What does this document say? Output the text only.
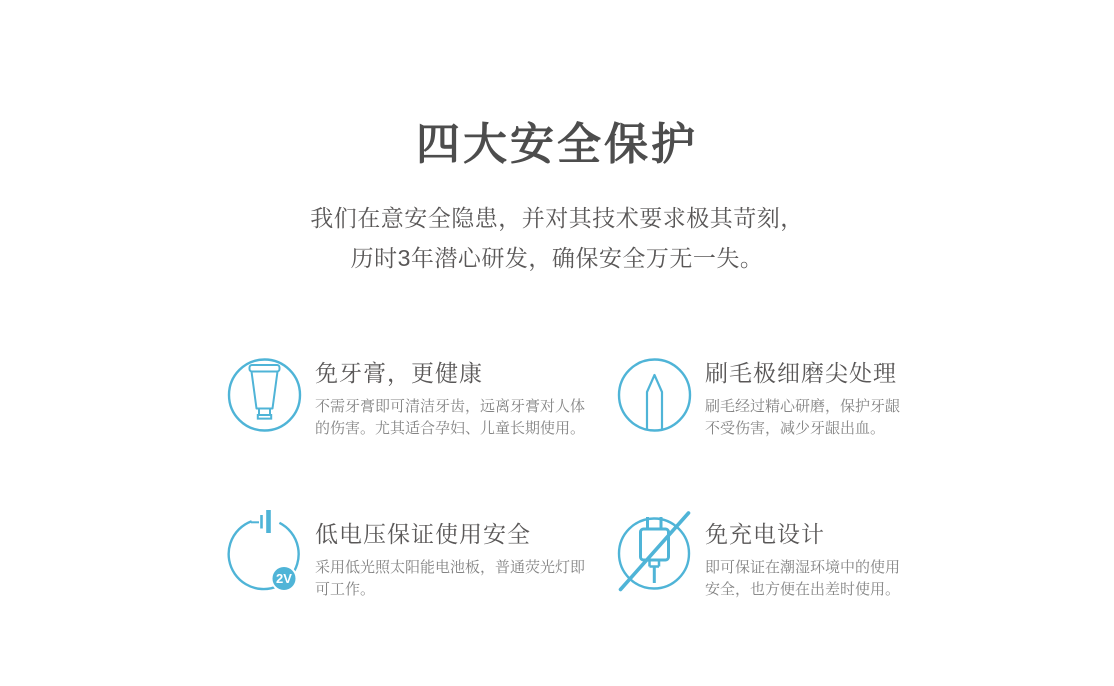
四大安全保护
我们在意安全隐患，并对其技术要求极其苛刻，
历时3年潜心研发，确保安全万无一失。
免牙膏，更健康
不需牙膏即可清洁牙齿，远离牙膏对人体
的伤害。尤其适合孕妇、儿童长期使用。
刷毛极细磨尖处理
刷毛经过精心研磨，保护牙龈
不受伤害，减少牙龈出血。
2V
低电压保证使用安全
采用低光照太阳能电池板，普通荧光灯即
可工作。
免充电设计
即可保证在潮湿环境中的使用
安全，也方便在出差时使用。
